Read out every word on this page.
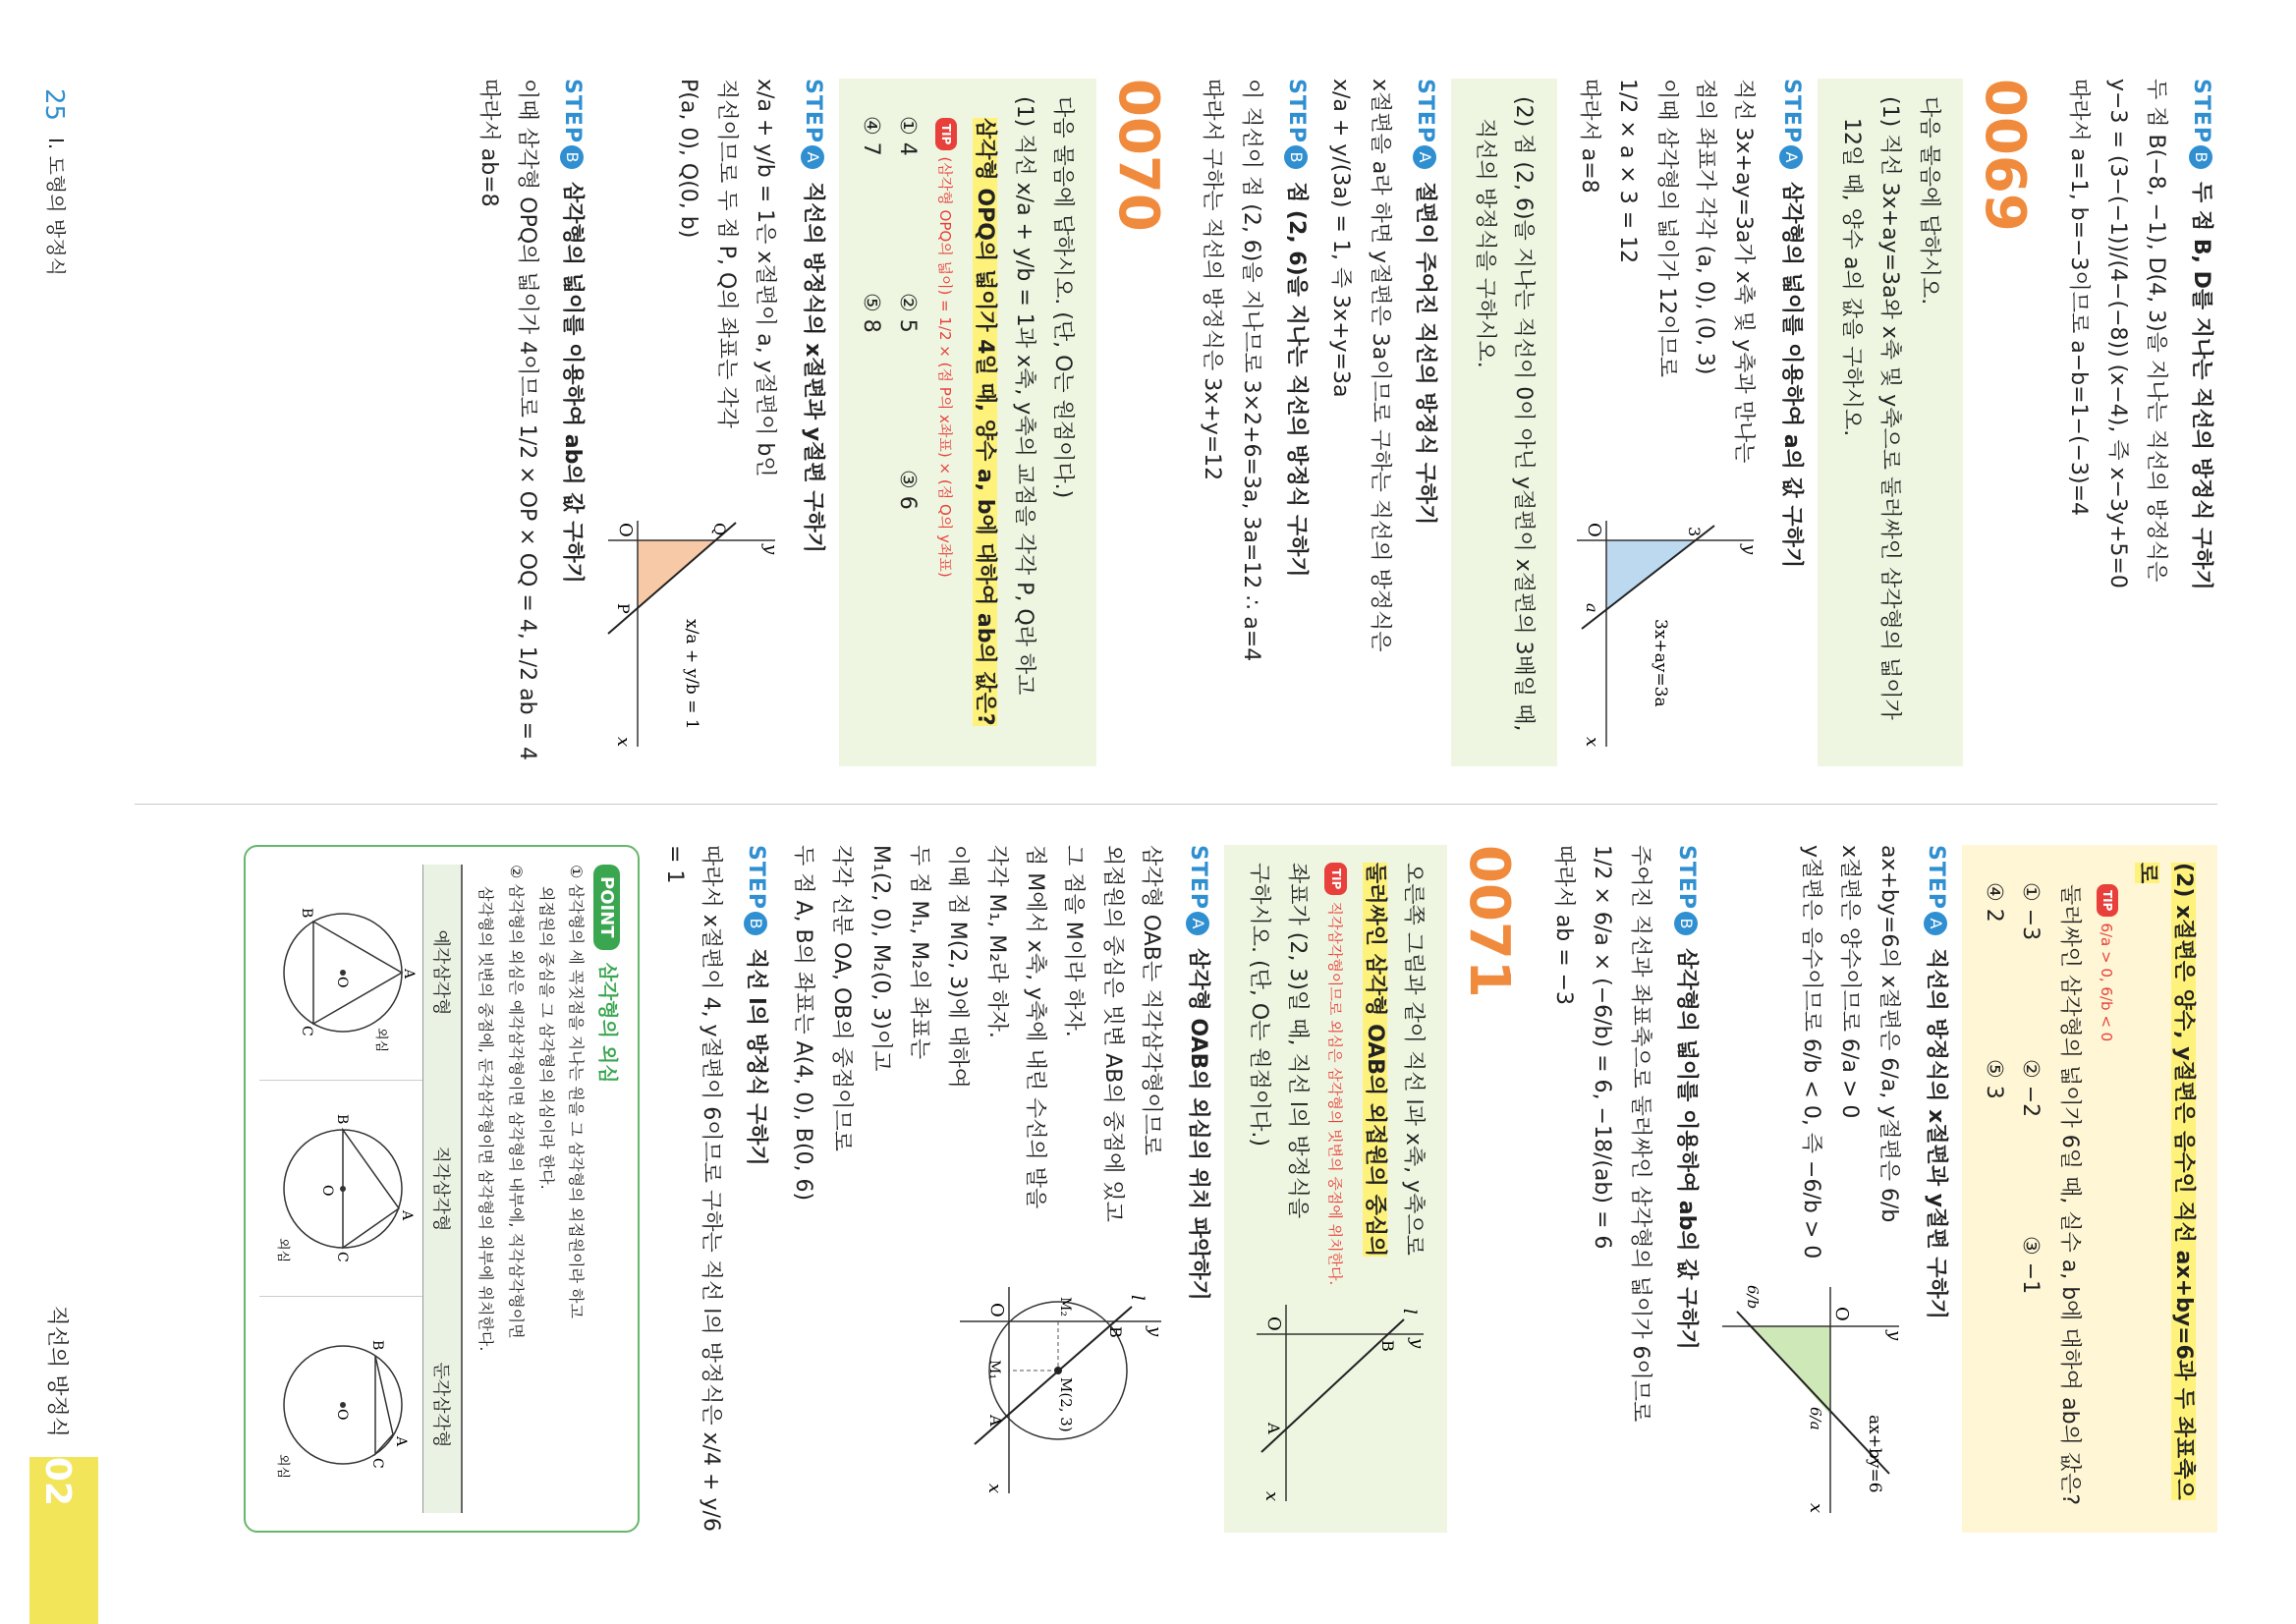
STEPB 두 점 B, D를 지나는 직선의 방정식 구하기
두 점 B(−8, −1), D(4, 3)을 지나는 직선의 방정식은
y−3 = (3−(−1))/(4−(−8)) (x−4), 즉 x−3y+5=0
따라서 a=1, b=−3이므로 a−b=1−(−3)=4
0069
다음 물음에 답하시오.
(1) 직선 3x+ay=3a와 x축 및 y축으로 둘러싸인 삼각형의 넓이가
12일 때, 양수 a의 값을 구하시오.
STEPA 삼각형의 넓이를 이용하여 a의 값 구하기
직선 3x+ay=3a가 x축 및 y축과 만나는
점의 좌표가 각각 (a, 0), (0, 3)
이때 삼각형의 넓이가 12이므로
1/2 × a × 3 = 12
따라서 a=8
y
x
O	3
a
3x+ay=3a
(2) 점 (2, 6)을 지나는 직선이 0이 아닌 y절편이 x절편의 3배일 때,
직선의 방정식을 구하시오.
STEPA 절편이 주어진 직선의 방정식 구하기
x절편을 a라 하면 y절편은 3a이므로 구하는 직선의 방정식은
x/a + y/(3a) = 1, 즉 3x+y=3a
STEPB 점 (2, 6)을 지나는 직선의 방정식 구하기
이 직선이 점 (2, 6)을 지나므로 3×2+6=3a, 3a=12 ∴ a=4
따라서 구하는 직선의 방정식은 3x+y=12
0070
다음 물음에 답하시오. (단, O는 원점이다.)
(1) 직선 x/a + y/b = 1과 x축, y축의 교점을 각각 P, Q라 하고
삼각형 OPQ의 넓이가 4일 때, 양수 a, b에 대하여 ab의 값은?
TIP(삼각형 OPQ의 넓이) = 1/2 × (점 P의 x좌표) × (점 Q의 y좌표)
① 4
② 5
③ 6
④ 7
⑤ 8
STEPA 직선의 방정식의 x절편과 y절편 구하기
x/a + y/b = 1은 x절편이 a, y절편이 b인
직선이므로 두 점 P, Q의 좌표는 각각
P(a, 0), Q(0, b)
y
x
O	Q
P
x/a + y/b = 1
STEPB 삼각형의 넓이를 이용하여 ab의 값 구하기
이때 삼각형 OPQ의 넓이가 4이므로 1/2 × OP × OQ = 4, 1/2 ab = 4
따라서 ab=8
(2) x절편은 양수, y절편은 음수인 직선 ax+by=6과 두 좌표축으로
TIP6/a > 0, 6/b < 0
둘러싸인 삼각형의 넓이가 6일 때, 실수 a, b에 대하여 ab의 값은?
① −3
② −2
③ −1
④ 2
⑤ 3
STEPA 직선의 방정식의 x절편과 y절편 구하기
ax+by=6의 x절편은 6/a, y절편은 6/b
x절편은 양수이므로 6/a > 0
y절편은 음수이므로 6/b < 0, 즉 −6/b > 0
y
x
O
6/a
6/b
ax+by=6
STEPB 삼각형의 넓이를 이용하여 ab의 값 구하기
주어진 직선과 좌표축으로 둘러싸인 삼각형의 넓이가 6이므로
1/2 × 6/a × (−6/b) = 6, −18/(ab) = 6
따라서 ab = −3
0071
오른쪽 그림과 같이 직선 l과 x축, y축으로
둘러싸인 삼각형 OAB의 외접원의 중심의
TIP직각삼각형이므로 외심은 삼각형의 빗변의 중점에 위치한다.
좌표가 (2, 3)일 때, 직선 l의 방정식을
구하시오. (단, O는 원점이다.)
y
x
O
l
B
A
STEPA 삼각형 OAB의 외심의 위치 파악하기
삼각형 OAB는 직각삼각형이므로
외접원의 중심은 빗변 AB의 중점에 있고
그 점을 M이라 하자.
점 M에서 x축, y축에 내린 수선의 발을
각각 M₁, M₂라 하자.
이때 점 M(2, 3)에 대하여
두 점 M₁, M₂의 좌표는
M₁(2, 0), M₂(0, 3)이고
각각 선분 OA, OB의 중점이므로
두 점 A, B의 좌표는 A(4, 0), B(0, 6)
y
x
O
l
B
A	M(2, 3)
M₁
M₂
STEPB 직선 l의 방정식 구하기
따라서 x절편이 4, y절편이 6이므로 구하는 직선 l의 방정식은 x/4 + y/6 = 1
POINT 삼각형의 외심
① 삼각형의 세 꼭짓점을 지나는 원을 그 삼각형의 외접원이라 하고
외접원의 중심을 그 삼각형의 외심이라 한다.
② 삼각형의 외심은 예각삼각형이면 삼각형의 내부에, 직각삼각형이면
삼각형의 빗변의 중점에, 둔각삼각형이면 삼각형의 외부에 위치한다.
예각삼각형
직각삼각형
둔각삼각형
O
A
B
C	외심
O
A
B
C
외심
O
A
B
C
외심
25
I. 도형의 방정식
02
직선의 방정식
